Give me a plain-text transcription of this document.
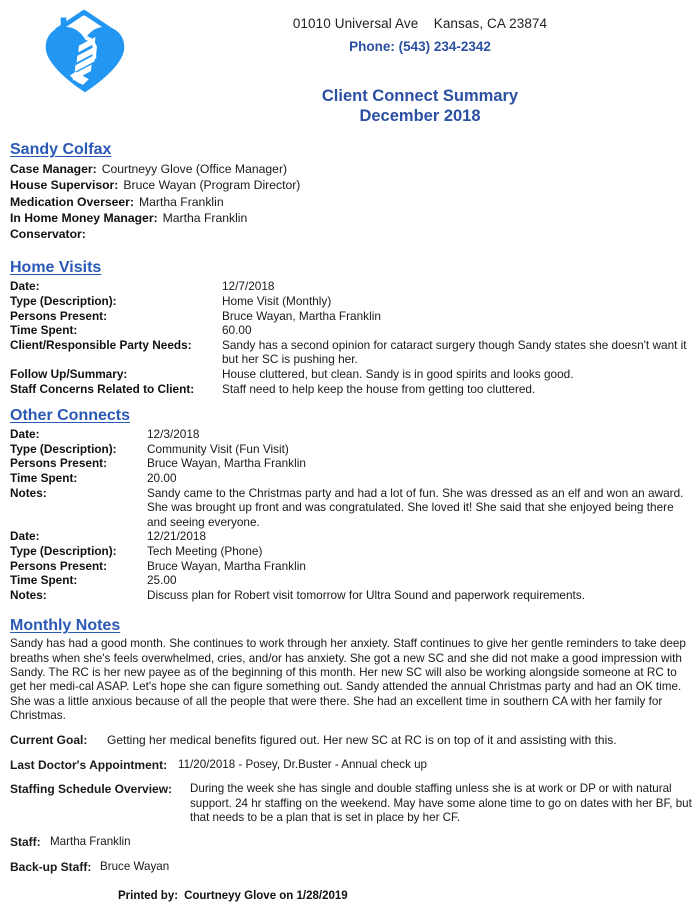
01010 Universal Ave    Kansas, CA 23874
Phone: (543) 234-2342
Client Connect Summary
December 2018
Sandy Colfax
Case Manager: Courtneyy Glove (Office Manager)
House Supervisor: Bruce Wayan (Program Director)
Medication Overseer: Martha Franklin
In Home Money Manager: Martha Franklin
Conservator:
Home Visits
Date:	12/7/2018
Type (Description):	Home Visit (Monthly)
Persons Present:	Bruce Wayan, Martha Franklin
Time Spent:	60.00
Client/Responsible Party Needs:	Sandy has a second opinion for cataract surgery though Sandy states she doesn't want it but her SC is pushing her.
Follow Up/Summary:	House cluttered, but clean. Sandy is in good spirits and looks good.
Staff Concerns Related to Client:	Staff need to help keep the house from getting too cluttered.
Other Connects
Date:	12/3/2018
Type (Description):	Community Visit (Fun Visit)
Persons Present:	Bruce Wayan, Martha Franklin
Time Spent:	20.00
Notes:	Sandy came to the Christmas party and had a lot of fun. She was dressed as an elf and won an award. She was brought up front and was congratulated. She loved it! She said that she enjoyed being there and seeing everyone.
Date:	12/21/2018
Type (Description):	Tech Meeting (Phone)
Persons Present:	Bruce Wayan, Martha Franklin
Time Spent:	25.00
Notes:	Discuss plan for Robert visit tomorrow for Ultra Sound and paperwork requirements.
Monthly Notes
Sandy has had a good month. She continues to work through her anxiety. Staff continues to give her gentle reminders to take deep breaths when she's feels overwhelmed, cries, and/or has anxiety. She got a new SC and she did not make a good impression with Sandy. The RC is her new payee as of the beginning of this month. Her new SC will also be working alongside someone at RC to get her medi-cal ASAP. Let's hope she can figure something out. Sandy attended the annual Christmas party and had an OK time. She was a little anxious because of all the people that were there. She had an excellent time in southern CA with her family for Christmas.
Current Goal:	Getting her medical benefits figured out. Her new SC at RC is on top of it and assisting with this.
Last Doctor's Appointment: 11/20/2018 - Posey, Dr.Buster - Annual check up
Staffing Schedule Overview:	During the week she has single and double staffing unless she is at work or DP or with natural support. 24 hr staffing on the weekend. May have some alone time to go on dates with her BF, but that needs to be a plan that is set in place by her CF.
Staff: Martha Franklin
Back-up Staff: Bruce Wayan
Printed by: Courtneyy Glove on 1/28/2019
